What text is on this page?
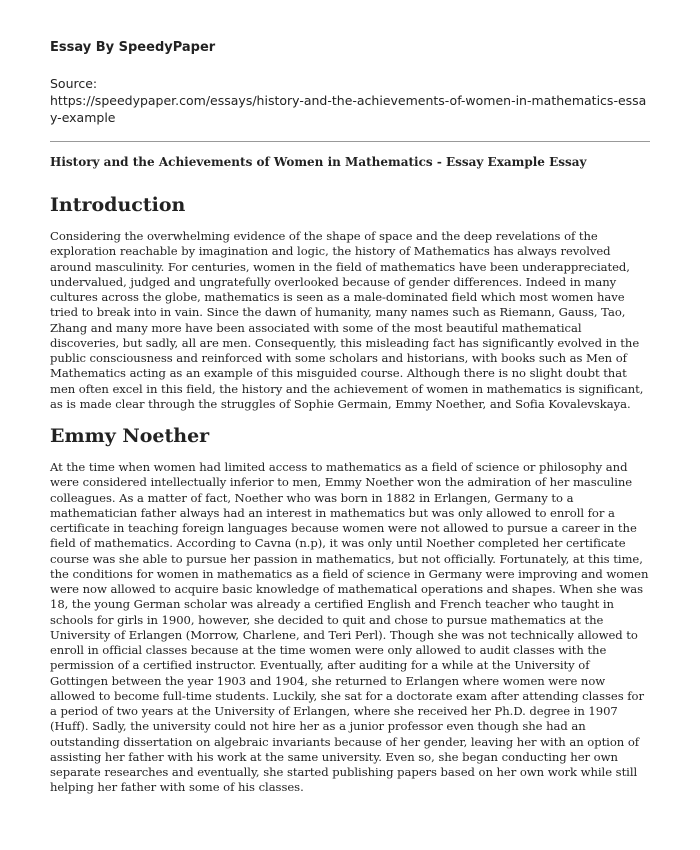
Essay By SpeedyPaper
Source:
https://speedypaper.com/essays/history-and-the-achievements-of-women-in-mathematics-essay-example
History and the Achievements of Women in Mathematics - Essay Example Essay
Introduction

Considering the overwhelming evidence of the shape of space and the deep revelations of the exploration reachable by imagination and logic, the history of Mathematics has always revolved around masculinity. For centuries, women in the field of mathematics have been underappreciated, undervalued, judged and ungratefully overlooked because of gender differences. Indeed in many cultures across the globe, mathematics is seen as a male-dominated field which most women have tried to break into in vain. Since the dawn of humanity, many names such as Riemann, Gauss, Tao, Zhang and many more have been associated with some of the most beautiful mathematical discoveries, but sadly, all are men. Consequently, this misleading fact has significantly evolved in the public consciousness and reinforced with some scholars and historians, with books such as Men of Mathematics acting as an example of this misguided course. Although there is no slight doubt that men often excel in this field, the history and the achievement of women in mathematics is significant, as is made clear through the struggles of Sophie Germain, Emmy Noether, and Sofia Kovalevskaya.

Emmy Noether

At the time when women had limited access to mathematics as a field of science or philosophy and were considered intellectually inferior to men, Emmy Noether won the admiration of her masculine colleagues. As a matter of fact, Noether who was born in 1882 in Erlangen, Germany to a mathematician father always had an interest in mathematics but was only allowed to enroll for a certificate in teaching foreign languages because women were not allowed to pursue a career in the field of mathematics. According to Cavna (n.p), it was only until Noether completed her certificate course was she able to pursue her passion in mathematics, but not officially. Fortunately, at this time, the conditions for women in mathematics as a field of science in Germany were improving and women were now allowed to acquire basic knowledge of mathematical operations and shapes. When she was 18, the young German scholar was already a certified English and French teacher who taught in schools for girls in 1900, however, she decided to quit and chose to pursue mathematics at the University of Erlangen (Morrow, Charlene, and Teri Perl). Though she was not technically allowed to enroll in official classes because at the time women were only allowed to audit classes with the permission of a certified instructor. Eventually, after auditing for a while at the University of Gottingen between the year 1903 and 1904, she returned to Erlangen where women were now allowed to become full-time students. Luckily, she sat for a doctorate exam after attending classes for a period of two years at the University of Erlangen, where she received her Ph.D. degree in 1907 (Huff). Sadly, the university could not hire her as a junior professor even though she had an outstanding dissertation on algebraic invariants because of her gender, leaving her with an option of assisting her father with his work at the same university. Even so, she began conducting her own separate researches and eventually, she started publishing papers based on her own work while still helping her father with some of his classes.
